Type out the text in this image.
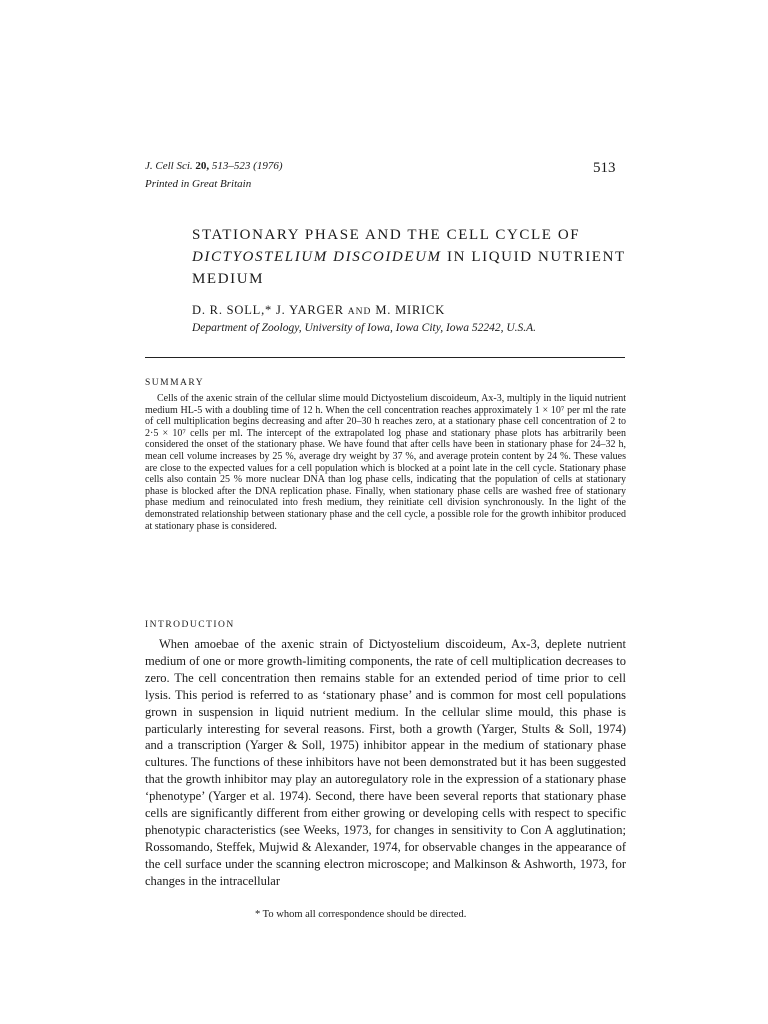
J. Cell Sci. 20, 513–523 (1976)
Printed in Great Britain
513
STATIONARY PHASE AND THE CELL CYCLE OF DICTYOSTELIUM DISCOIDEUM IN LIQUID NUTRIENT MEDIUM
D. R. SOLL,* J. YARGER AND M. MIRICK
Department of Zoology, University of Iowa, Iowa City, Iowa 52242, U.S.A.
SUMMARY

Cells of the axenic strain of the cellular slime mould Dictyostelium discoideum, Ax-3, multiply in the liquid nutrient medium HL-5 with a doubling time of 12 h. When the cell concentration reaches approximately 1 × 10⁷ per ml the rate of cell multiplication begins decreasing and after 20–30 h reaches zero, at a stationary phase cell concentration of 2 to 2·5 × 10⁷ cells per ml. The intercept of the extrapolated log phase and stationary phase plots has arbitrarily been considered the onset of the stationary phase. We have found that after cells have been in stationary phase for 24–32 h, mean cell volume increases by 25 %, average dry weight by 37 %, and average protein content by 24 %. These values are close to the expected values for a cell population which is blocked at a point late in the cell cycle. Stationary phase cells also contain 25 % more nuclear DNA than log phase cells, indicating that the population of cells at stationary phase is blocked after the DNA replication phase. Finally, when stationary phase cells are washed free of stationary phase medium and reinoculated into fresh medium, they reinitiate cell division synchronously. In the light of the demonstrated relationship between stationary phase and the cell cycle, a possible role for the growth inhibitor produced at stationary phase is considered.

INTRODUCTION

When amoebae of the axenic strain of Dictyostelium discoideum, Ax-3, deplete nutrient medium of one or more growth-limiting components, the rate of cell multiplication decreases to zero. The cell concentration then remains stable for an extended period of time prior to cell lysis. This period is referred to as ‘stationary phase’ and is common for most cell populations grown in suspension in liquid nutrient medium. In the cellular slime mould, this phase is particularly interesting for several reasons. First, both a growth (Yarger, Stults & Soll, 1974) and a transcription (Yarger & Soll, 1975) inhibitor appear in the medium of stationary phase cultures. The functions of these inhibitors have not been demonstrated but it has been suggested that the growth inhibitor may play an autoregulatory role in the expression of a stationary phase ‘phenotype’ (Yarger et al. 1974). Second, there have been several reports that stationary phase cells are significantly different from either growing or developing cells with respect to specific phenotypic characteristics (see Weeks, 1973, for changes in sensitivity to Con A agglutination; Rossomando, Steffek, Mujwid & Alexander, 1974, for observable changes in the appearance of the cell surface under the scanning electron microscope; and Malkinson & Ashworth, 1973, for changes in the intracellular

* To whom all correspondence should be directed.
